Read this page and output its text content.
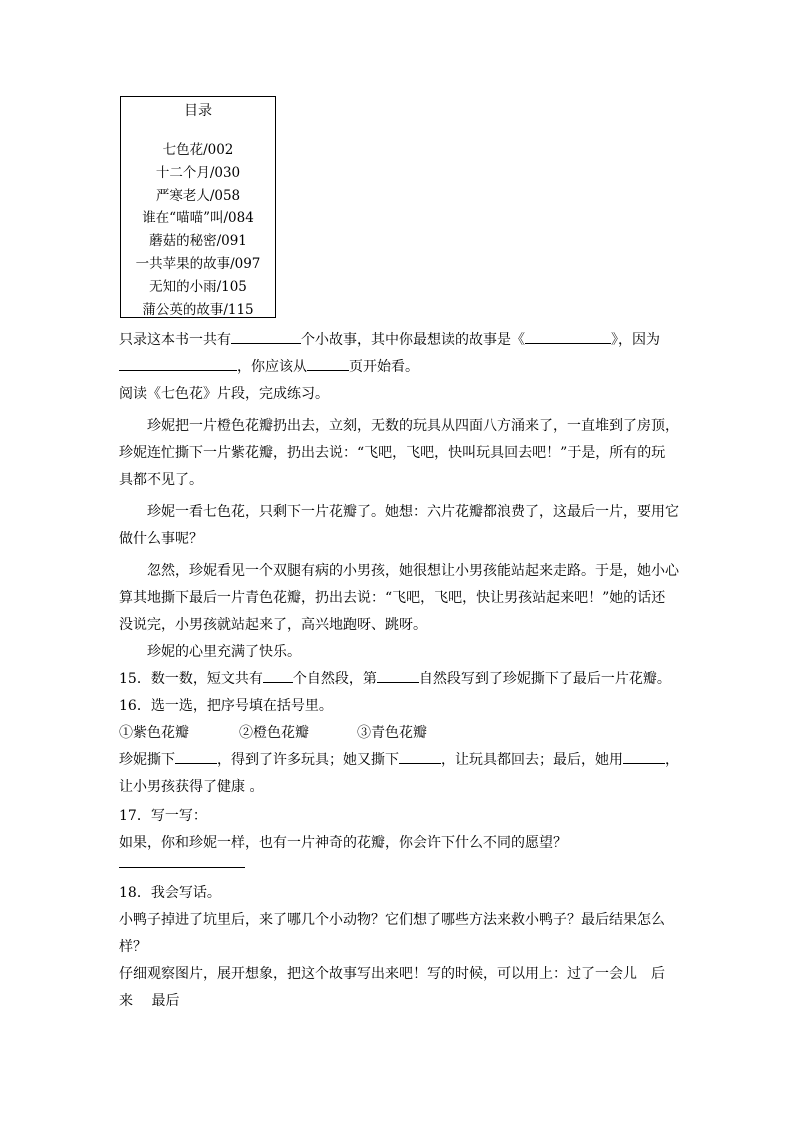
目录
七色花/002
十二个月/030
严寒老人/058
谁在“喵喵”叫/084
蘑菇的秘密/091
一共苹果的故事/097
无知的小雨/105
蒲公英的故事/115
只录这本书一共有	个小故事，其中你最想读的故事是《	》，因为
，你应该从	页开始看。
阅读《七色花》片段，完成练习。
珍妮把一片橙色花瓣扔出去，立刻，无数的玩具从四面八方涌来了，一直堆到了房顶，珍妮连忙撕下一片紫花瓣，扔出去说：“飞吧，飞吧，快叫玩具回去吧！”于是，所有的玩具都不见了。
珍妮一看七色花，只剩下一片花瓣了。她想：六片花瓣都浪费了，这最后一片，要用它做什么事呢？
忽然，珍妮看见一个双腿有病的小男孩，她很想让小男孩能站起来走路。于是，她小心算其地撕下最后一片青色花瓣，扔出去说：“飞吧，飞吧，快让男孩站起来吧！”她的话还没说完，小男孩就站起来了，高兴地跑呀、跳呀。
珍妮的心里充满了快乐。
15．数一数，短文共有 个自然段，第	自然段写到了珍妮撕下了最后一片花瓣。
16．选一选，把序号填在括号里。
①紫色花瓣	②橙色花瓣	③青色花瓣
珍妮撕下	，得到了许多玩具；她又撕下	，让玩具都回去；最后，她用	，
让小男孩获得了健康 。
17．写一写：
如果，你和珍妮一样，也有一片神奇的花瓣，你会许下什么不同的愿望？
18．我会写话。
小鸭子掉进了坑里后，来了哪几个小动物？它们想了哪些方法来救小鸭子？最后结果怎么
样？
仔细观察图片，展开想象，把这个故事写出来吧！写的时候，可以用上：过了一会儿　后
来　 最后
